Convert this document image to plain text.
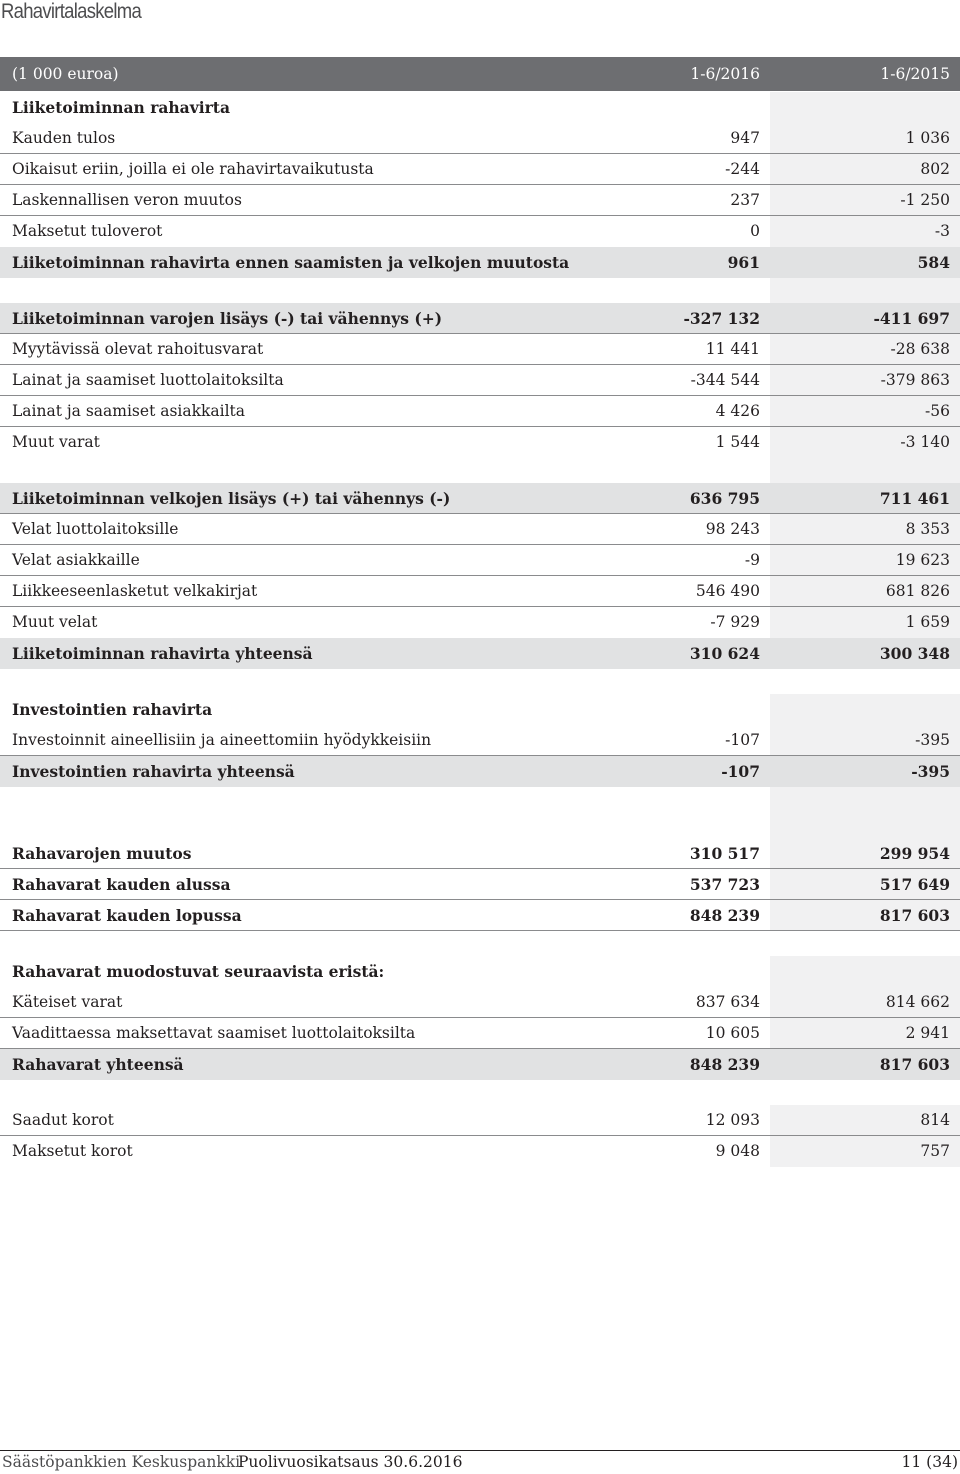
Rahavirtalaskelma
(1 000 euroa)	1-6/2016	1-6/2015
Liiketoiminnan rahavirta
Kauden tulos	947	1 036
Oikaisut eriin, joilla ei ole rahavirtavaikutusta	-244	802
Laskennallisen veron muutos	237	-1 250
Maksetut tuloverot	0	-3
Liiketoiminnan rahavirta ennen saamisten ja velkojen muutosta	961	584
Liiketoiminnan varojen lisäys (-) tai vähennys (+)	-327 132	-411 697
Myytävissä olevat rahoitusvarat	11 441	-28 638
Lainat ja saamiset luottolaitoksilta	-344 544	-379 863
Lainat ja saamiset asiakkailta	4 426	-56
Muut varat	1 544	-3 140
Liiketoiminnan velkojen lisäys (+) tai vähennys (-)	636 795	711 461
Velat luottolaitoksille	98 243	8 353
Velat asiakkaille	-9	19 623
Liikkeeseenlasketut velkakirjat	546 490	681 826
Muut velat	-7 929	1 659
Liiketoiminnan rahavirta yhteensä	310 624	300 348
Investointien rahavirta
Investoinnit aineellisiin ja aineettomiin hyödykkeisiin	-107	-395
Investointien rahavirta yhteensä	-107	-395
Rahavarojen muutos	310 517	299 954
Rahavarat kauden alussa	537 723	517 649
Rahavarat kauden lopussa	848 239	817 603
Rahavarat muodostuvat seuraavista eristä:
Käteiset varat	837 634	814 662
Vaadittaessa maksettavat saamiset luottolaitoksilta	10 605	2 941
Rahavarat yhteensä	848 239	817 603
Saadut korot	12 093	814
Maksetut korot	9 048	757
Säästöpankkien Keskuspankki
Puolivuosikatsaus 30.6.2016	11 (34)
